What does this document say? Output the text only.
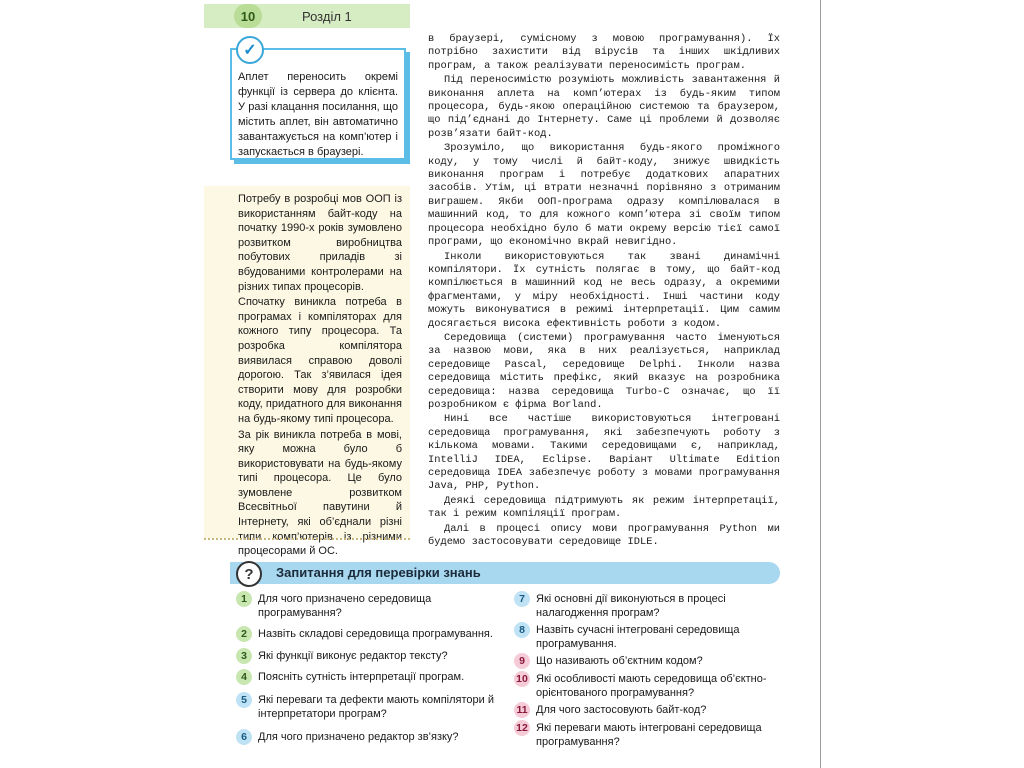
10	Розділ 1
✓

Аплет переносить окремі функції із сервера до клієнта. У разі клацання посилання, що містить аплет, він автоматично завантажується на комп’ютер і запускається в браузері.

Потребу в розробці мов ООП із використанням байт-коду на початку 1990-х років зумовлено розвитком виробництва побутових приладів зі вбудованими контролерами на різних типах процесорів.

Спочатку виникла потреба в програмах і компіляторах для кожного типу процесора. Та розробка компілятора виявилася справою доволі дорогою. Так з’явилася ідея створити мову для розробки коду, придатного для виконання на будь-якому типі процесора.

За рік виникла потреба в мові, яку можна було б використовувати на будь-якому типі процесора. Це було зумовлене розвитком Всесвітньої павутини й Інтернету, які об’єднали різні типи комп’ютерів із різними процесорами й ОС.

в браузері, сумісному з мовою програмування). Їх потрібно захистити від вірусів та інших шкідливих програм, а також реалізувати переносимість програм.

Під переносимістю розуміють можливість завантаження й виконання аплета на комп’ютерах із будь-яким типом процесора, будь-якою операційною системою та браузером, що під’єднані до Інтернету. Саме ці проблеми й дозволяє розв’язати байт-код.

Зрозуміло, що використання будь-якого проміжного коду, у тому числі й байт-коду, знижує швидкість виконання програм і потребує додаткових апаратних засобів. Утім, ці втрати незначні порівняно з отриманим виграшем. Якби ООП-програма одразу компілювалася в машинний код, то для кожного комп’ютера зі своїм типом процесора необхідно було б мати окрему версію тієї самої програми, що економічно вкрай невигідно.

Інколи використовуються так звані динамічні компілятори. Їх сутність полягає в тому, що байт-код компілюється в машинний код не весь одразу, а окремими фрагментами, у міру необхідності. Інші частини коду можуть виконуватися в режимі інтерпретації. Цим самим досягається висока ефективність роботи з кодом.

Середовища (системи) програмування часто іменуються за назвою мови, яка в них реалізується, наприклад середовище Pascal, середовище Delphi. Інколи назва середовища містить префікс, який вказує на розробника середовища: назва середовища Turbo-C означає, що її розробником є фірма Borland.

Нині все частіше використовуються інтегровані середовища програмування, які забезпечують роботу з кількома мовами. Такими середовищами є, наприклад, IntelliJ IDEA, Eclipse. Варіант Ultimate Edition середовища IDEA забезпечує роботу з мовами програмування Java, PHP, Python.

Деякі середовища підтримують як режим інтерпретації, так і режим компіляції програм.

Далі в процесі опису мови програмування Python ми будемо застосовувати середовище IDLE.

?	Запитання для перевірки знань
1	Для чого призначено середовища програмування?
2	Назвіть складові середовища програмування.
3	Які функції виконує редактор тексту?
4	Поясніть сутність інтерпретації програм.
5	Які переваги та дефекти мають компілятори й інтерпретатори програм?
6	Для чого призначено редактор зв’язку?
7	Які основні дії виконуються в процесі налагодження програм?
8	Назвіть сучасні інтегровані середовища програмування.
9	Що називають об’єктним кодом?
10 Які особливості мають середовища об’єктно-орієнтованого програмування?
11 Для чого застосовують байт-код?
12 Які переваги мають інтегровані середовища програмування?
